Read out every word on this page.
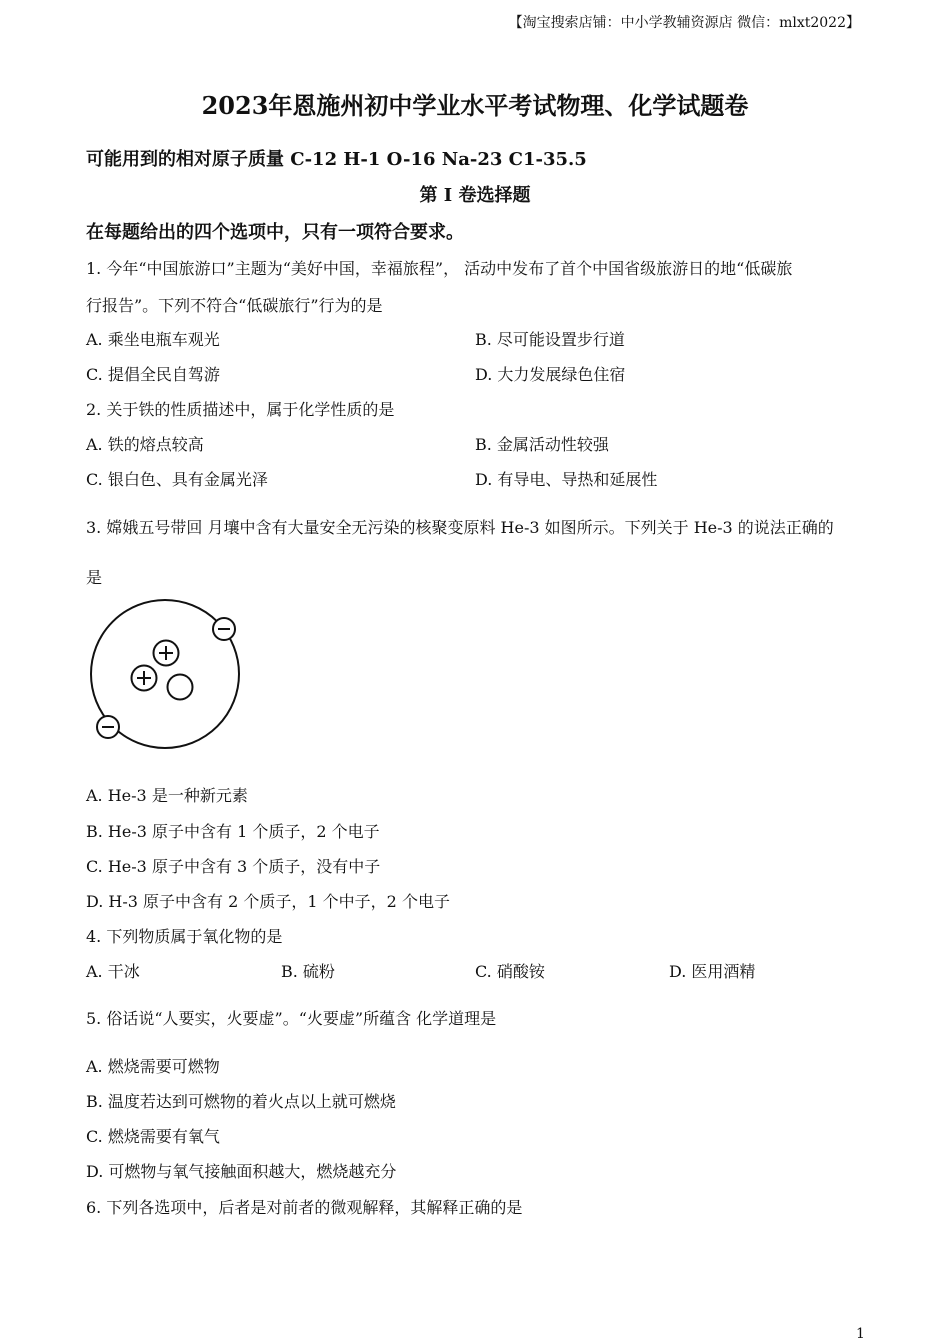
【淘宝搜索店铺：中小学教辅资源店 微信：mlxt2022】
2023年恩施州初中学业水平考试物理、化学试题卷
可能用到的相对原子质量 C-12 H-1 O-16 Na-23 C1-35.5
第 I 卷选择题
在每题给出的四个选项中，只有一项符合要求。
1. 今年“中国旅游口”主题为“美好中国，幸福旅程”， 活动中发布了首个中国省级旅游日的地“低碳旅
行报告”。下列不符合“低碳旅行”行为的是
A. 乘坐电瓶车观光	B. 尽可能设置步行道
C. 提倡全民自驾游	D. 大力发展绿色住宿
2. 关于铁的性质描述中，属于化学性质的是
A. 铁的熔点较高	B. 金属活动性较强
C. 银白色、具有金属光泽	D. 有导电、导热和延展性
3. 嫦娥五号带回 月壤中含有大量安全无污染的核聚变原料 He-3 如图所示。下列关于 He-3 的说法正确的
是
A. He-3 是一种新元素
B. He-3 原子中含有 1 个质子，2 个电子
C. He-3 原子中含有 3 个质子，没有中子
D. H-3 原子中含有 2 个质子，1 个中子，2 个电子
4. 下列物质属于氧化物的是
A. 干冰	B. 硫粉	C. 硝酸铵	D. 医用酒精
5. 俗话说“人要实，火要虚”。“火要虚”所蕴含 化学道理是
A. 燃烧需要可燃物
B. 温度若达到可燃物的着火点以上就可燃烧
C. 燃烧需要有氧气
D. 可燃物与氧气接触面积越大，燃烧越充分
6. 下列各选项中，后者是对前者的微观解释，其解释正确的是
1
